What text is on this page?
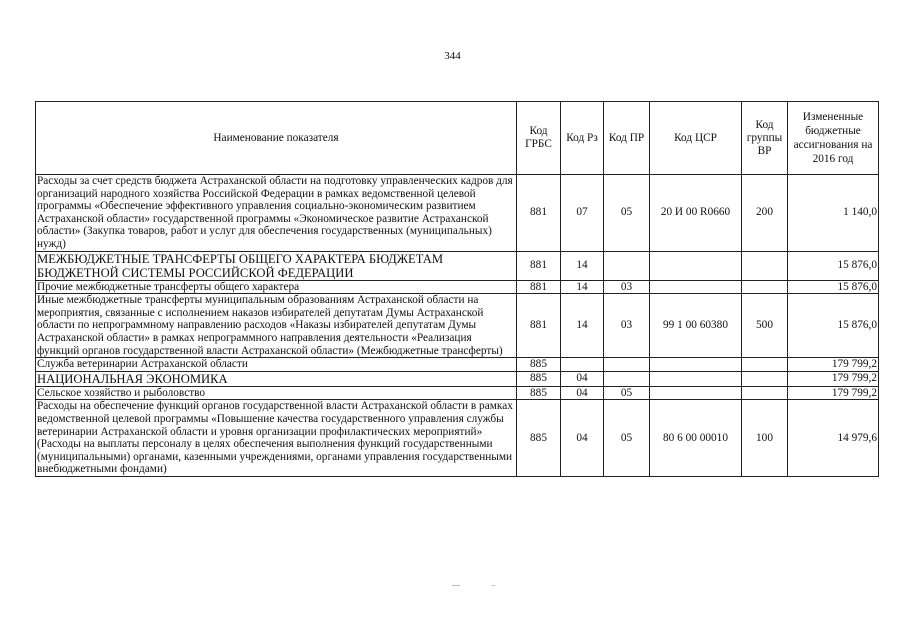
344
Наименование показателя	Код ГРБС	Код Рз	Код ПР	Код ЦСР	Код группы ВР	Измененные бюджетные ассигнования на 2016 год
Расходы за счет средств бюджета Астраханской области на подготовку управленческих кадров для организаций народного хозяйства Российской Федерации в рамках ведомственной целевой программы «Обеспечение эффективного управления социально-экономическим развитием Астраханской области» государственной программы «Экономическое развитие Астраханской области» (Закупка товаров, работ и услуг для обеспечения государственных (муниципальных) нужд)	881	07	05	20 И 00 R0660	200	1 140,0
МЕЖБЮДЖЕТНЫЕ ТРАНСФЕРТЫ ОБЩЕГО ХАРАКТЕРА БЮДЖЕТАМ БЮДЖЕТНОЙ СИСТЕМЫ РОССИЙСКОЙ ФЕДЕРАЦИИ	881	14				15 876,0
Прочие межбюджетные трансферты общего характера	881	14	03			15 876,0
Иные межбюджетные трансферты муниципальным образованиям Астраханской области на мероприятия, связанные с исполнением наказов избирателей депутатам Думы Астраханской области по непрограммному направлению расходов «Наказы избирателей депутатам Думы Астраханской области» в рамках непрограммного направления деятельности «Реализация функций органов государственной власти Астраханской области» (Межбюджетные трансферты)	881	14	03	99 1 00 60380	500	15 876,0
Служба ветеринарии Астраханской области	885					179 799,2
НАЦИОНАЛЬНАЯ ЭКОНОМИКА	885	04				179 799,2
Сельское хозяйство и рыболовство	885	04	05			179 799,2
Расходы на обеспечение функций органов государственной власти Астраханской области в рамках ведомственной целевой программы «Повышение качества государственного управления службы ветеринарии Астраханской области и уровня организации профилактических мероприятий» (Расходы на выплаты персоналу в целях обеспечения выполнения функций государственными (муниципальными) органами, казенными учреждениями, органами управления государственными внебюджетными фондами)	885	04	05	80 6 00 00010	100	14 979,6
